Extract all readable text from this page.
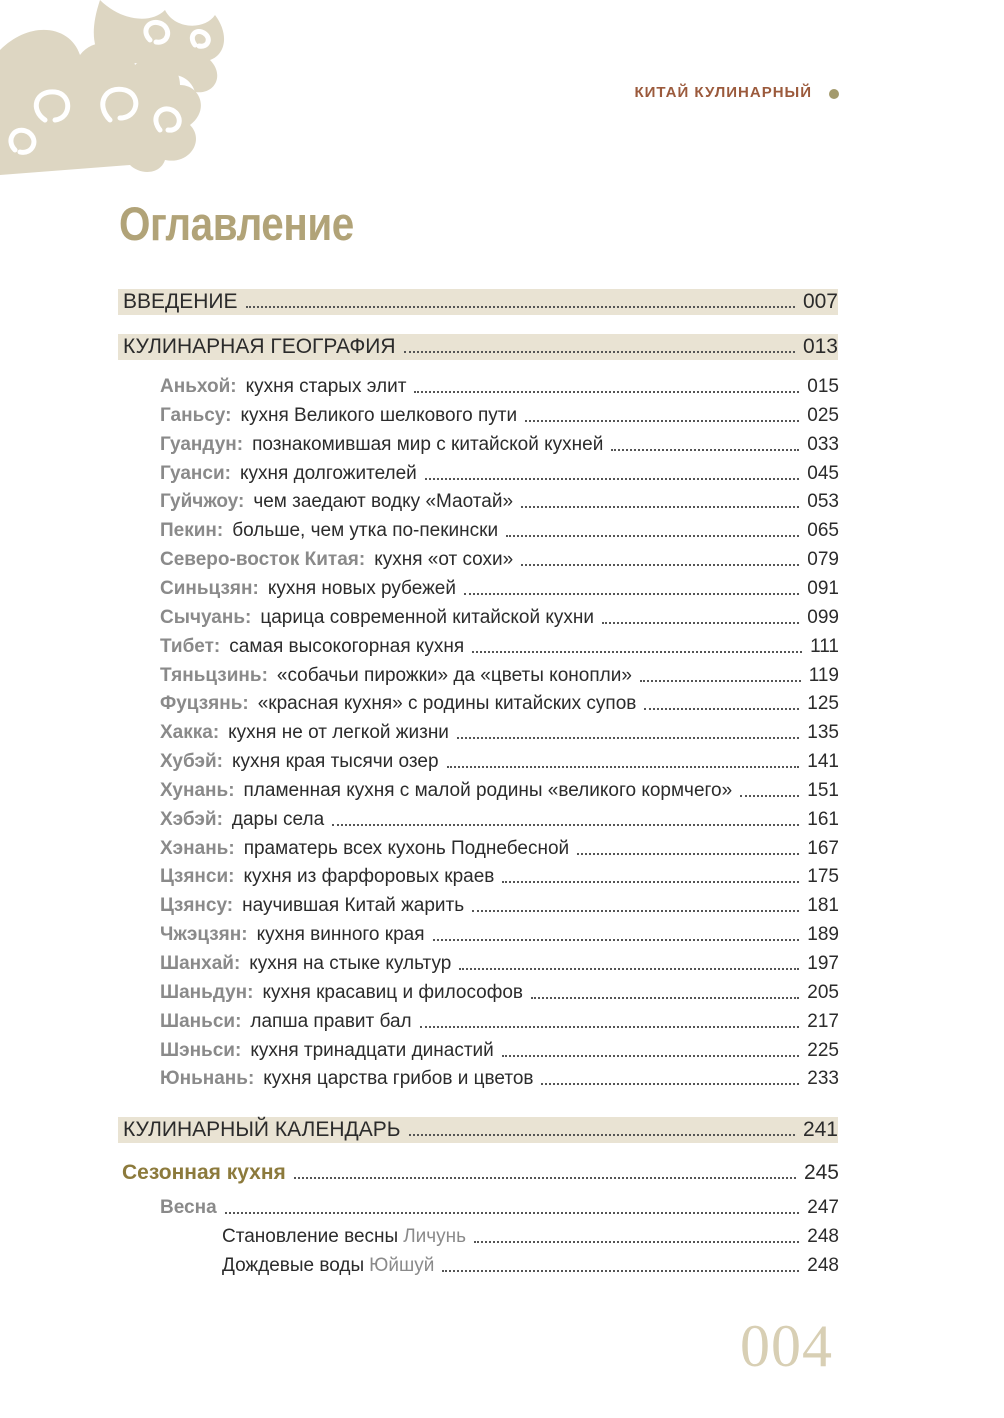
КИТАЙ КУЛИНАРНЫЙ
Оглавление
ВВЕДЕНИЕ	007
КУЛИНАРНАЯ ГЕОГРАФИЯ	013
Аньхой: кухня старых элит	015
Ганьсу: кухня Великого шелкового пути	025
Гуандун: познакомившая мир с китайской кухней	033
Гуанси: кухня долгожителей	045
Гуйчжоу: чем заедают водку «Маотай»	053
Пекин: больше, чем утка по-пекински	065
Северо-восток Китая: кухня «от сохи»	079
Синьцзян: кухня новых рубежей	091
Сычуань: царица современной китайской кухни	099
Тибет: самая высокогорная кухня	111
Тяньцзинь: «собачьи пирожки» да «цветы конопли»	119
Фуцзянь: «красная кухня» с родины китайских супов	125
Хакка: кухня не от легкой жизни	135
Хубэй: кухня края тысячи озер	141
Хунань: пламенная кухня с малой родины «великого кормчего»	151
Хэбэй: дары села	161
Хэнань: праматерь всех кухонь Поднебесной	167
Цзянси: кухня из фарфоровых краев	175
Цзянсу: научившая Китай жарить	181
Чжэцзян: кухня винного края	189
Шанхай: кухня на стыке культур	197
Шаньдун: кухня красавиц и философов	205
Шаньси: лапша правит бал	217
Шэньси: кухня тринадцати династий	225
Юньнань: кухня царства грибов и цветов	233
КУЛИНАРНЫЙ КАЛЕНДАРЬ	241
Сезонная кухня	245
Весна	247
Становление весны Личунь	248
Дождевые воды Юйшуй	248
004
